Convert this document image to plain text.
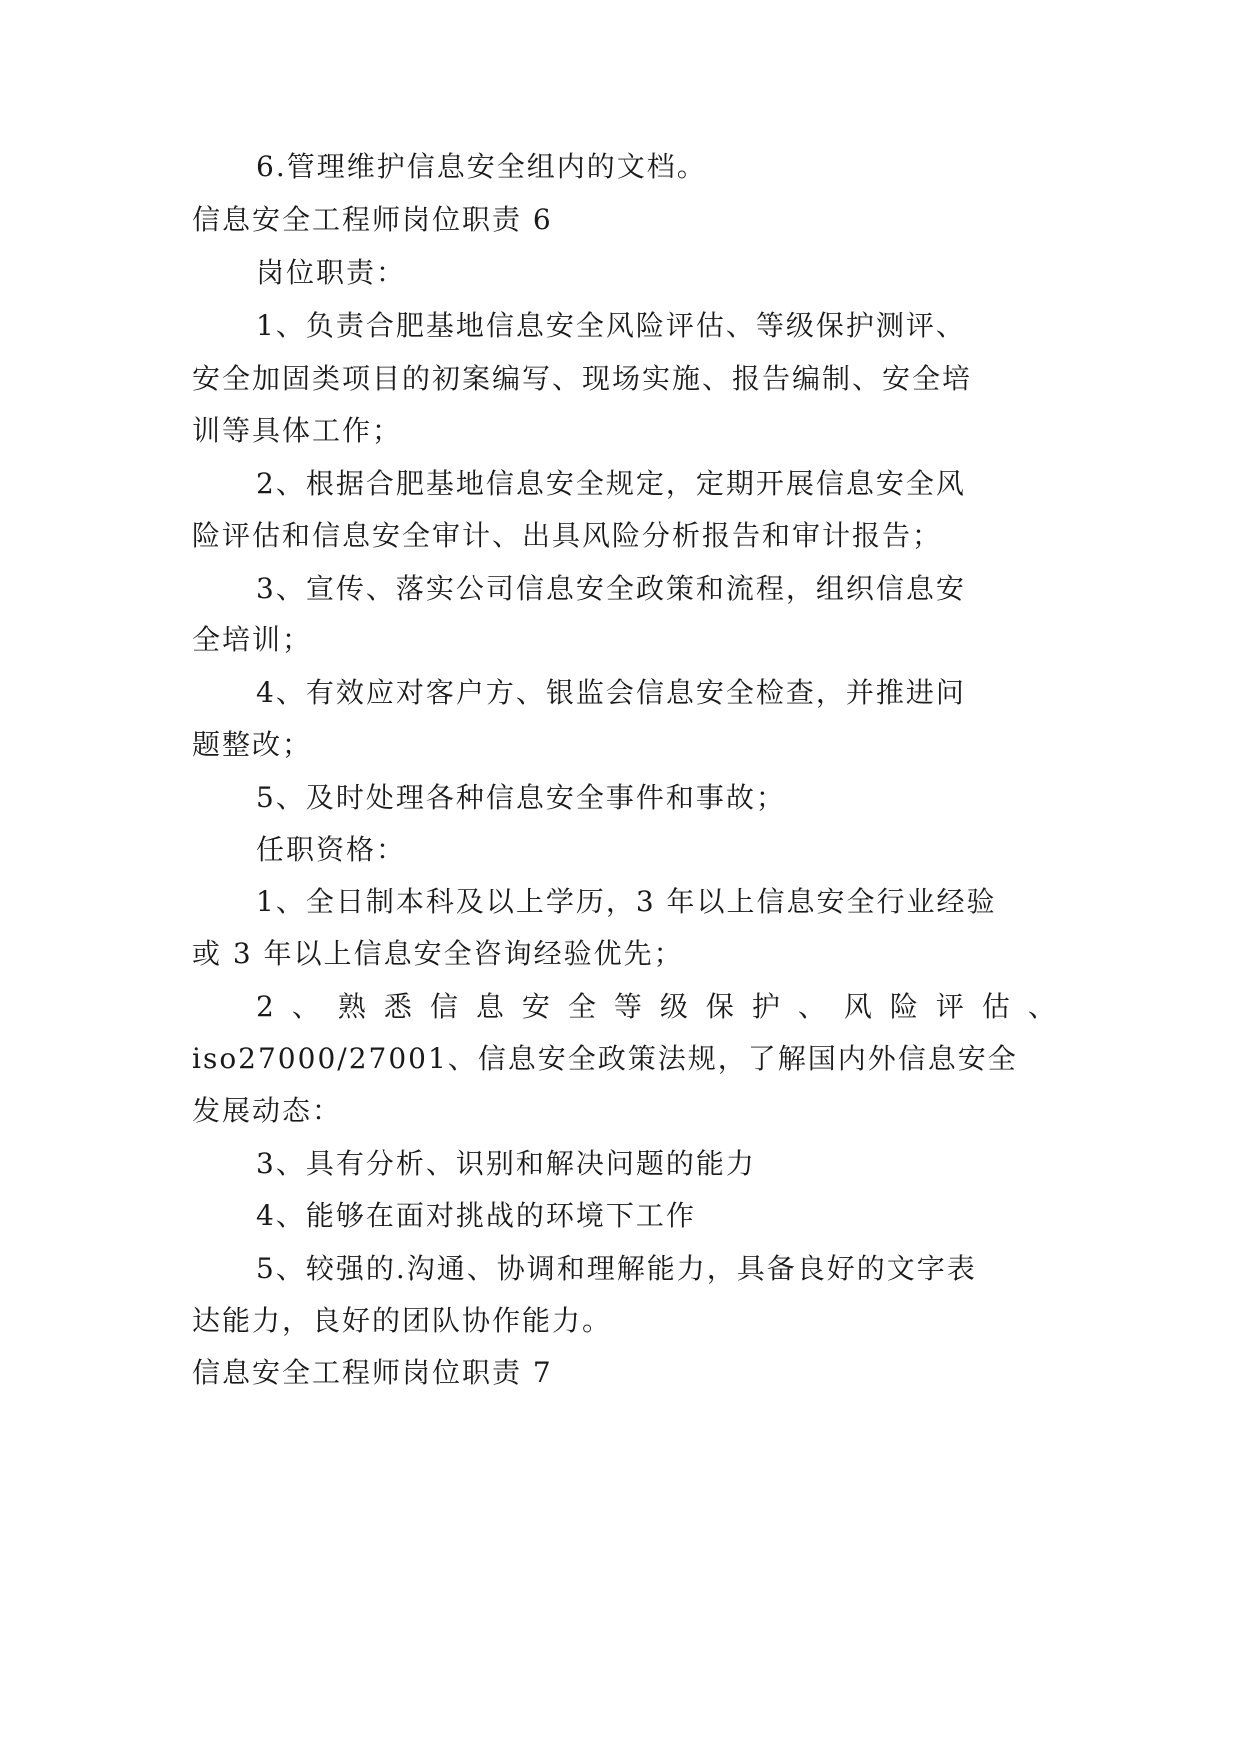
6.管理维护信息安全组内的文档。
信息安全工程师岗位职责 6
岗位职责：
1、负责合肥基地信息安全风险评估、等级保护测评、
安全加固类项目的初案编写、现场实施、报告编制、安全培
训等具体工作；
2、根据合肥基地信息安全规定，定期开展信息安全风
险评估和信息安全审计、出具风险分析报告和审计报告；
3、宣传、落实公司信息安全政策和流程，组织信息安
全培训；
4、有效应对客户方、银监会信息安全检查，并推进问
题整改；
5、及时处理各种信息安全事件和事故；
任职资格：
1、全日制本科及以上学历，3 年以上信息安全行业经验
或 3 年以上信息安全咨询经验优先；
2、熟悉信息安全等级保护、风险评估、
iso27000/27001、信息安全政策法规，了解国内外信息安全
发展动态：
3、具有分析、识别和解决问题的能力
4、能够在面对挑战的环境下工作
5、较强的.沟通、协调和理解能力，具备良好的文字表
达能力，良好的团队协作能力。
信息安全工程师岗位职责 7
